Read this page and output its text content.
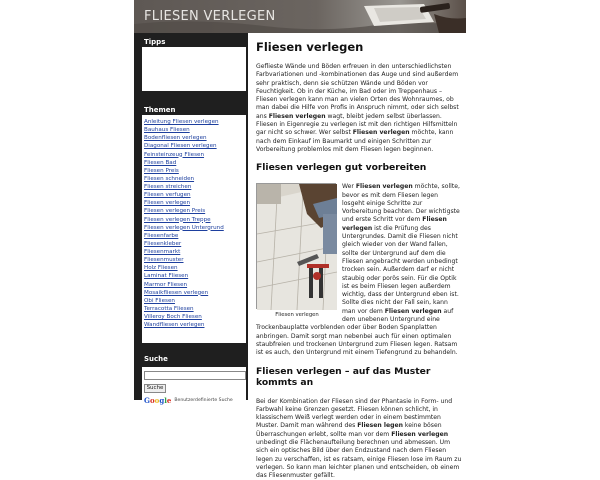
FLIESEN VERLEGEN
Tipps
Themen
Anleitung Fliesen verlegen
Bauhaus Fliesen
Bodenfliesen verlegen
Diagonal Fliesen verlegen
Feinsteinzeug Fliesen
Fliesen Bad
Fliesen Preis
Fliesen schneiden
Fliesen streichen
Fliesen verfugen
Fliesen verlegen
Fliesen verlegen Preis
Fliesen verlegen Treppe
Fliesen verlegen Untergrund
Fliesenfarbe
Fliesenkleber
Fliesenmarkt
Fliesenmuster
Holz Fliesen
Laminat Fliesen
Marmor Fliesen
Mosaikfliesen verlegen
Obi Fliesen
Terracotta Fliesen
Villeroy Boch Fliesen
Wandfliesen verlegen
Suche
Suche
Google Benutzerdefinierte Suche
Fliesen verlegen

Geflieste Wände und Böden erfreuen in den unterschiedlichsten Farbvariationen und -kombinationen das Auge und sind außerdem sehr praktisch, denn sie schützen Wände und Böden vor Feuchtigkeit. Ob in der Küche, im Bad oder im Treppenhaus – Fliesen verlegen kann man an vielen Orten des Wohnraumes, ob man dabei die Hilfe von Profis in Anspruch nimmt, oder sich selbst ans Fliesen verlegen wagt, bleibt jedem selbst überlassen. Fliesen in Eigenregie zu verlegen ist mit den richtigen Hilfsmitteln gar nicht so schwer. Wer selbst Fliesen verlegen möchte, kann nach dem Einkauf im Baumarkt und einigen Schritten zur Vorbereitung problemlos mit dem Fliesen legen beginnen.

Fliesen verlegen gut vorbereiten
Fliesen verlegen

Wer Fliesen verlegen möchte, sollte, bevor es mit dem Fliesen legen losgeht einige Schritte zur Vorbereitung beachten. Der wichtigste und erste Schritt vor dem Fliesen verlegen ist die Prüfung des Untergrundes. Damit die Fliesen nicht gleich wieder von der Wand fallen, sollte der Untergrund auf dem die Fliesen angebracht werden unbedingt trocken sein. Außerdem darf er nicht staubig oder porös sein. Für die Optik ist es beim Fliesen legen außerdem wichtig, dass der Untergrund eben ist. Sollte dies nicht der Fall sein, kann man vor dem Fliesen verlegen auf dem unebenen Untergrund eine Trockenbauplatte vorblenden oder über Boden Spanplatten anbringen. Damit sorgt man nebenbei auch für einen optimalen staubfreien und trockenen Untergrund zum Fliesen legen. Ratsam ist es auch, den Untergrund mit einem Tiefengrund zu behandeln.

Fliesen verlegen – auf das Muster kommts an

Bei der Kombination der Fliesen sind der Phantasie in Form- und Farbwahl keine Grenzen gesetzt. Fliesen können schlicht, in klassischem Weiß verlegt werden oder in einem bestimmten Muster. Damit man während des Fliesen legen keine bösen Überraschungen erlebt, sollte man vor dem Fliesen verlegen unbedingt die Flächenaufteilung berechnen und abmessen. Um sich ein optisches Bild über den Endzustand nach dem Fliesen legen zu verschaffen, ist es ratsam, einige Fliesen lose im Raum zu verlegen. So kann man leichter planen und entscheiden, ob einem das Fliesenmuster gefällt.
